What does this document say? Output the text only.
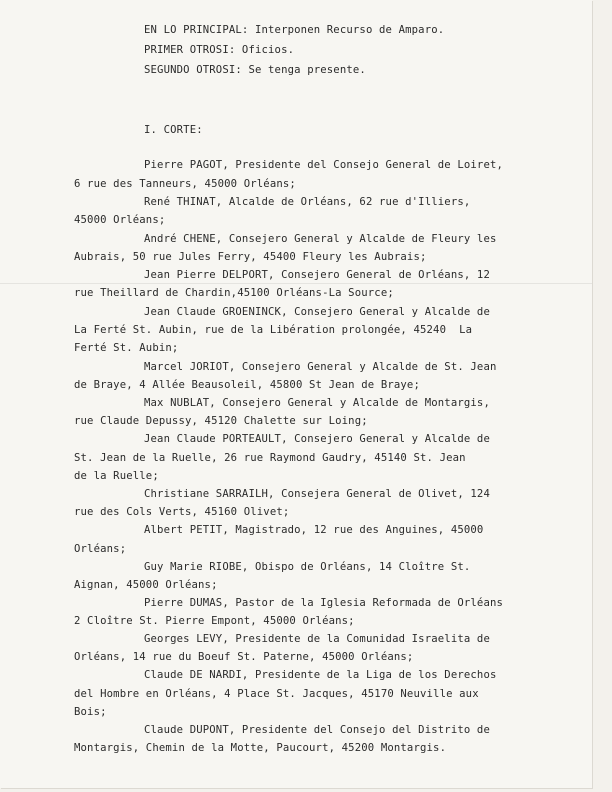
EN LO PRINCIPAL: Interponen Recurso de Amparo.
PRIMER OTROSI: Oficios.
SEGUNDO OTROSI: Se tenga presente.
I. CORTE:
Pierre PAGOT, Presidente del Consejo General de Loiret,
6 rue des Tanneurs, 45000 Orléans;
René THINAT, Alcalde de Orléans, 62 rue d'Illiers,
45000 Orléans;
André CHENE, Consejero General y Alcalde de Fleury les
Aubrais, 50 rue Jules Ferry, 45400 Fleury les Aubrais;
Jean Pierre DELPORT, Consejero General de Orléans, 12
rue Theillard de Chardin,45100 Orléans-La Source;
Jean Claude GROENINCK, Consejero General y Alcalde de
La Ferté St. Aubin, rue de la Libération prolongée, 45240  La
Ferté St. Aubin;
Marcel JORIOT, Consejero General y Alcalde de St. Jean
de Braye, 4 Allée Beausoleil, 45800 St Jean de Braye;
Max NUBLAT, Consejero General y Alcalde de Montargis,
rue Claude Depussy, 45120 Chalette sur Loing;
Jean Claude PORTEAULT, Consejero General y Alcalde de
St. Jean de la Ruelle, 26 rue Raymond Gaudry, 45140 St. Jean
de la Ruelle;
Christiane SARRAILH, Consejera General de Olivet, 124
rue des Cols Verts, 45160 Olivet;
Albert PETIT, Magistrado, 12 rue des Anguines, 45000
Orléans;
Guy Marie RIOBE, Obispo de Orléans, 14 Cloître St.
Aignan, 45000 Orléans;
Pierre DUMAS, Pastor de la Iglesia Reformada de Orléans
2 Cloître St. Pierre Empont, 45000 Orléans;
Georges LEVY, Presidente de la Comunidad Israelita de
Orléans, 14 rue du Boeuf St. Paterne, 45000 Orléans;
Claude DE NARDI, Presidente de la Liga de los Derechos
del Hombre en Orléans, 4 Place St. Jacques, 45170 Neuville aux
Bois;
Claude DUPONT, Presidente del Consejo del Distrito de
Montargis, Chemin de la Motte, Paucourt, 45200 Montargis.
